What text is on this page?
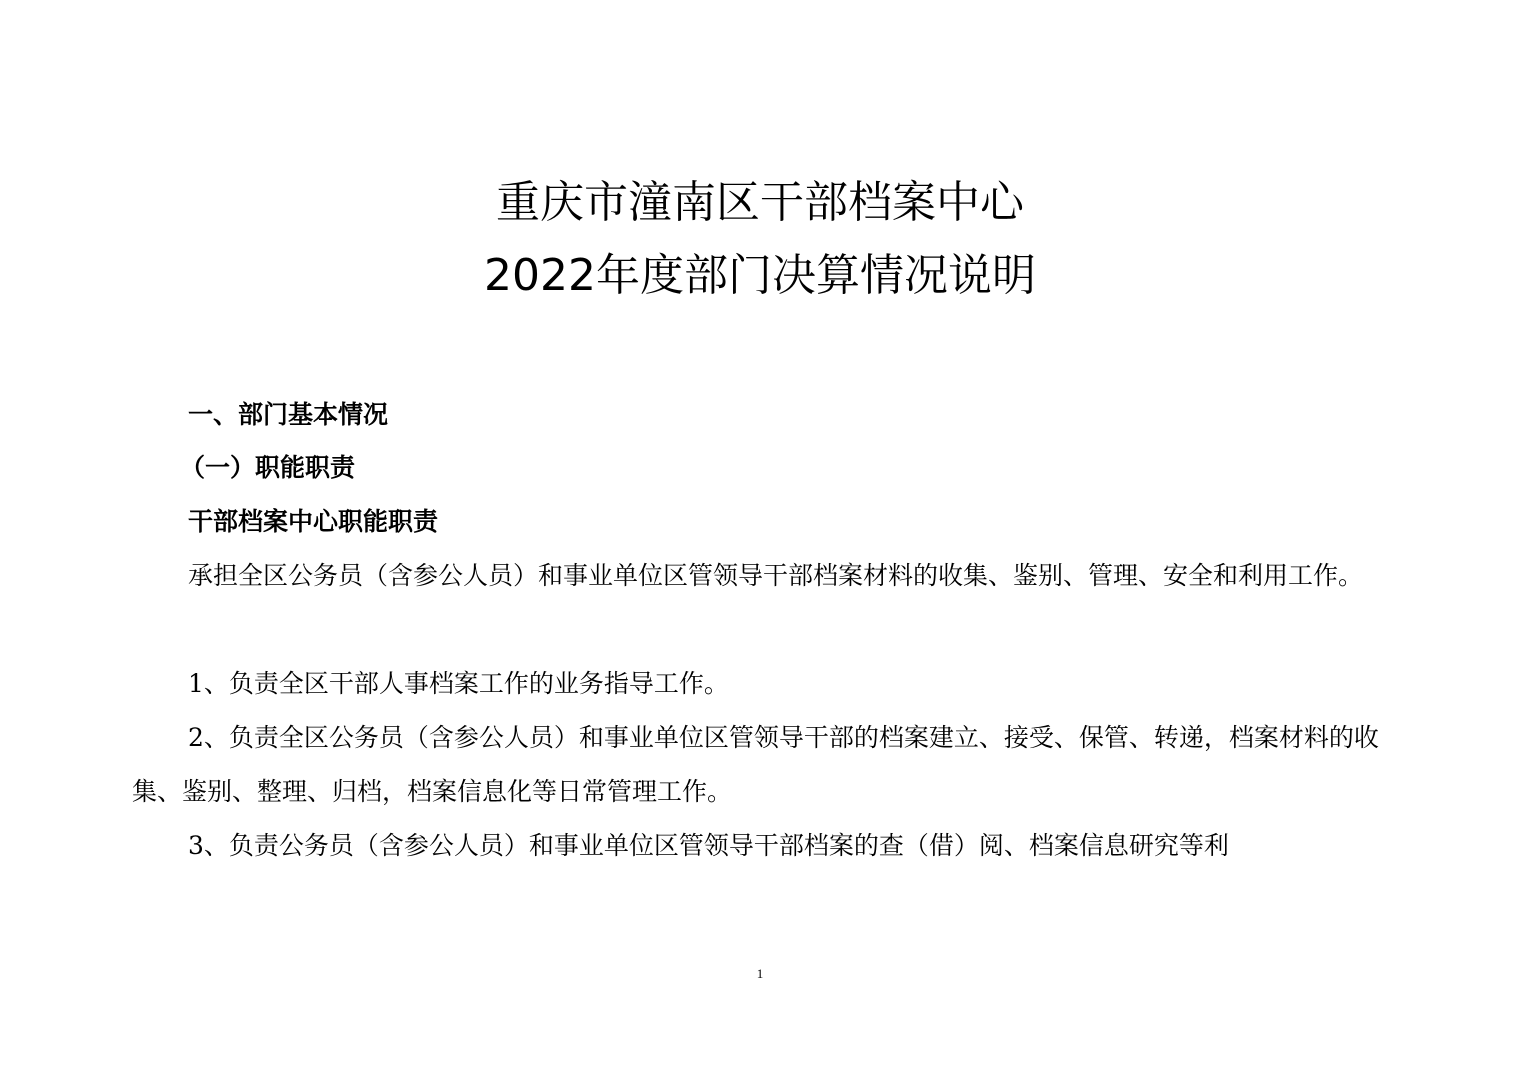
重庆市潼南区干部档案中心
2022年度部门决算情况说明

一、部门基本情况

（一）职能职责

干部档案中心职能职责

承担全区公务员（含参公人员）和事业单位区管领导干部档案材料的收集、鉴别、管理、安全和利用工作。

1、负责全区干部人事档案工作的业务指导工作。

2、负责全区公务员（含参公人员）和事业单位区管领导干部的档案建立、接受、保管、转递，档案材料的收集、鉴别、整理、归档，档案信息化等日常管理工作。

3、负责公务员（含参公人员）和事业单位区管领导干部档案的查（借）阅、档案信息研究等利

1
